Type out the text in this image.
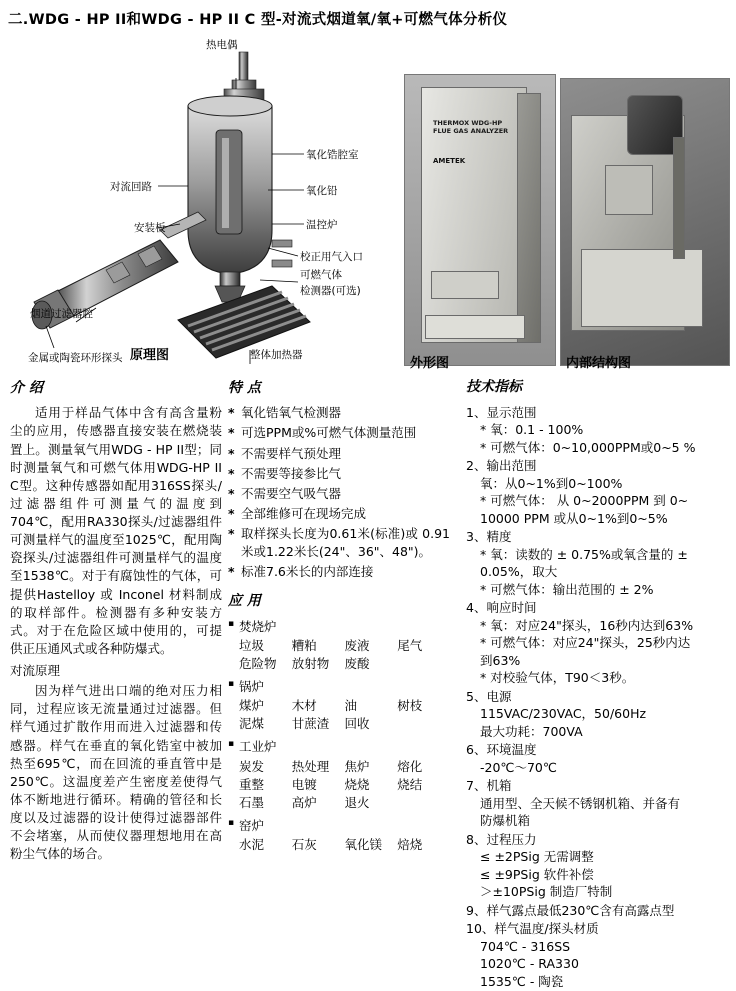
二.WDG - HP II和WDG - HP II C 型-对流式烟道氧/氧+可燃气体分析仪
热电偶
氧化锆腔室
氧化铅
温控炉
校正用气入口
可燃气体
检测器(可选)
对流回路
安装板
烟道过滤器腔
金属或陶瓷环形探头	整体加热器
原理图
THERMOX WDG-HP
FLUE GAS ANALYZER
AMETEK
外形图	内部结构图
介 绍

适用于样品气体中含有高含量粉尘的应用，传感器直接安装在燃烧装置上。测量氧气用WDG - HP II型；同时测量氧气和可燃气体用WDG-HP II C型。这种传感器如配用316SS探头/过滤器组件可测量气的温度到704℃，配用RA330探头/过滤器组件可测量样气的温度至1025℃，配用陶瓷探头/过滤器组件可测量样气的温度至1538℃。对于有腐蚀性的气体，可提供Hastelloy 或 Inconel 材料制成的取样部件。检测器有多种安装方式。对于在危险区域中使用的，可提供正压通风式或各种防爆式。

对流原理

因为样气进出口端的绝对压力相同，过程应该无流量通过过滤器。但样气通过扩散作用而进入过滤器和传感器。样气在垂直的氧化锆室中被加热至695℃，而在回流的垂直管中是250℃。这温度差产生密度差使得气体不断地进行循环。精确的管径和长度以及过滤器的设计使得过滤器部件不会堵塞，从而使仪器理想地用在高粉尘气体的场合。

特 点
* 氧化锆氧气检测器
* 可选PPM或%可燃气体测量范围
* 不需要样气预处理
* 不需要等接参比气
* 不需要空气吸气器
* 全部维修可在现场完成
* 取样探头长度为0.61米(标准)或 0.91米或1.22米长(24"、36"、48")。
* 标准7.6米长的内部连接
应 用
▪ 焚烧炉
垃圾	糟粕	废液	尾气
危险物	放射物	废酸
▪ 锅炉
煤炉	木材	油	树枝
泥煤	甘蔗渣	回收
▪ 工业炉
炭发	热处理	焦炉	熔化
重整	电镀	烧烧	烧结
石墨	高炉	退火
▪ 窑炉
水泥	石灰	氧化镁	焙烧
技术指标
1、显示范围
* 氧：0.1 - 100%
* 可燃气体：0~10,000PPM或0~5 %
2、输出范围
氧：从0~1%到0~100%
* 可燃气体： 从 0~2000PPM 到 0~
10000 PPM 或从0~1%到0~5%
3、精度
* 氧：读数的 ± 0.75%或氧含量的 ±
0.05%，取大
* 可燃气体：输出范围的 ± 2%
4、响应时间
* 氧：对应24"探头，16秒内达到63%
* 可燃气体：对应24"探头，25秒内达
到63%
* 对校验气体，T90＜3秒。
5、电源
115VAC/230VAC，50/60Hz
最大功耗：700VA
6、环境温度
-20℃～70℃
7、机箱
通用型、全天候不锈钢机箱、并备有
防爆机箱
8、过程压力
≤ ±2PSig 无需调整
≤ ±9PSig 软件补偿
＞±10PSig 制造厂特制
9、样气露点最低230℃含有高露点型
10、样气温度/探头材质
704℃ - 316SS
1020℃ - RA330
1535℃ - 陶瓷
